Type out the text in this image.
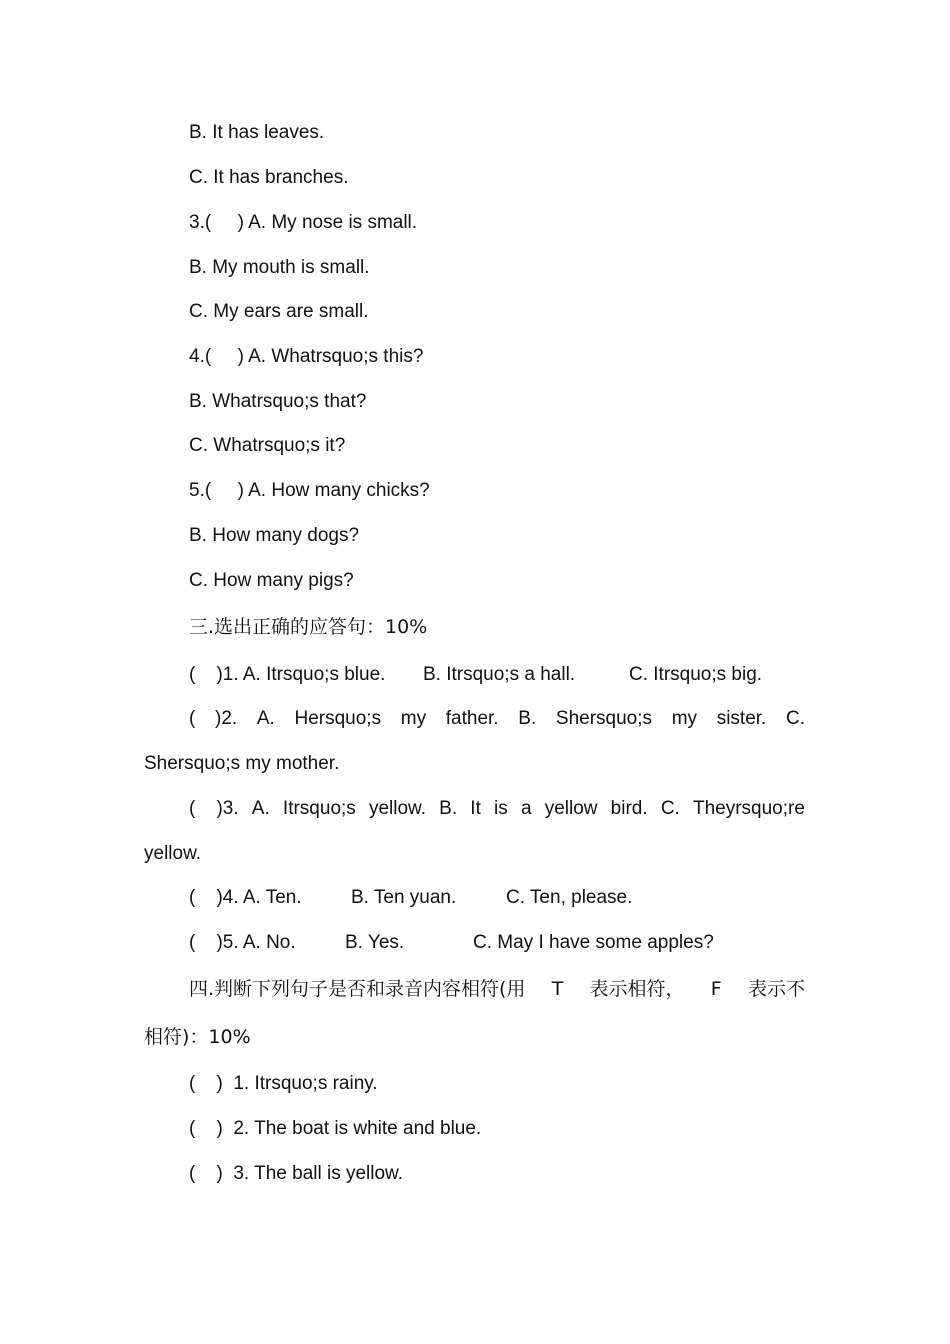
B. It has leaves.

C. It has branches.

3.(     ) A. My nose is small.

B. My mouth is small.

C. My ears are small.

4.(     ) A. Whatrsquo;s this?

B. Whatrsquo;s that?

C. Whatrsquo;s it?

5.(     ) A. How many chicks?

B. How many dogs?

C. How many pigs?

三.选出正确的应答句：10%

(    )1. A. Itrsquo;s blue. B. Itrsquo;s a hall.	C. Itrsquo;s big.

( )2. A. Hersquo;s my father. B. Shersquo;s my sister. C.

Shersquo;s my mother.

(    )3. A. Itrsquo;s yellow. B. It is a yellow bird. C. Theyrsquo;re

yellow.

(    )4. A. Ten.	B. Ten yuan.	C. Ten, please.

(    )5. A. No.	B. Yes.	C. May I have some apples?

四.判断下列句子是否和录音内容相符(用 T 表示相符， F 表示不

相符)：10%

(    )  1. Itrsquo;s rainy.

(    )  2. The boat is white and blue.

(    )  3. The ball is yellow.
